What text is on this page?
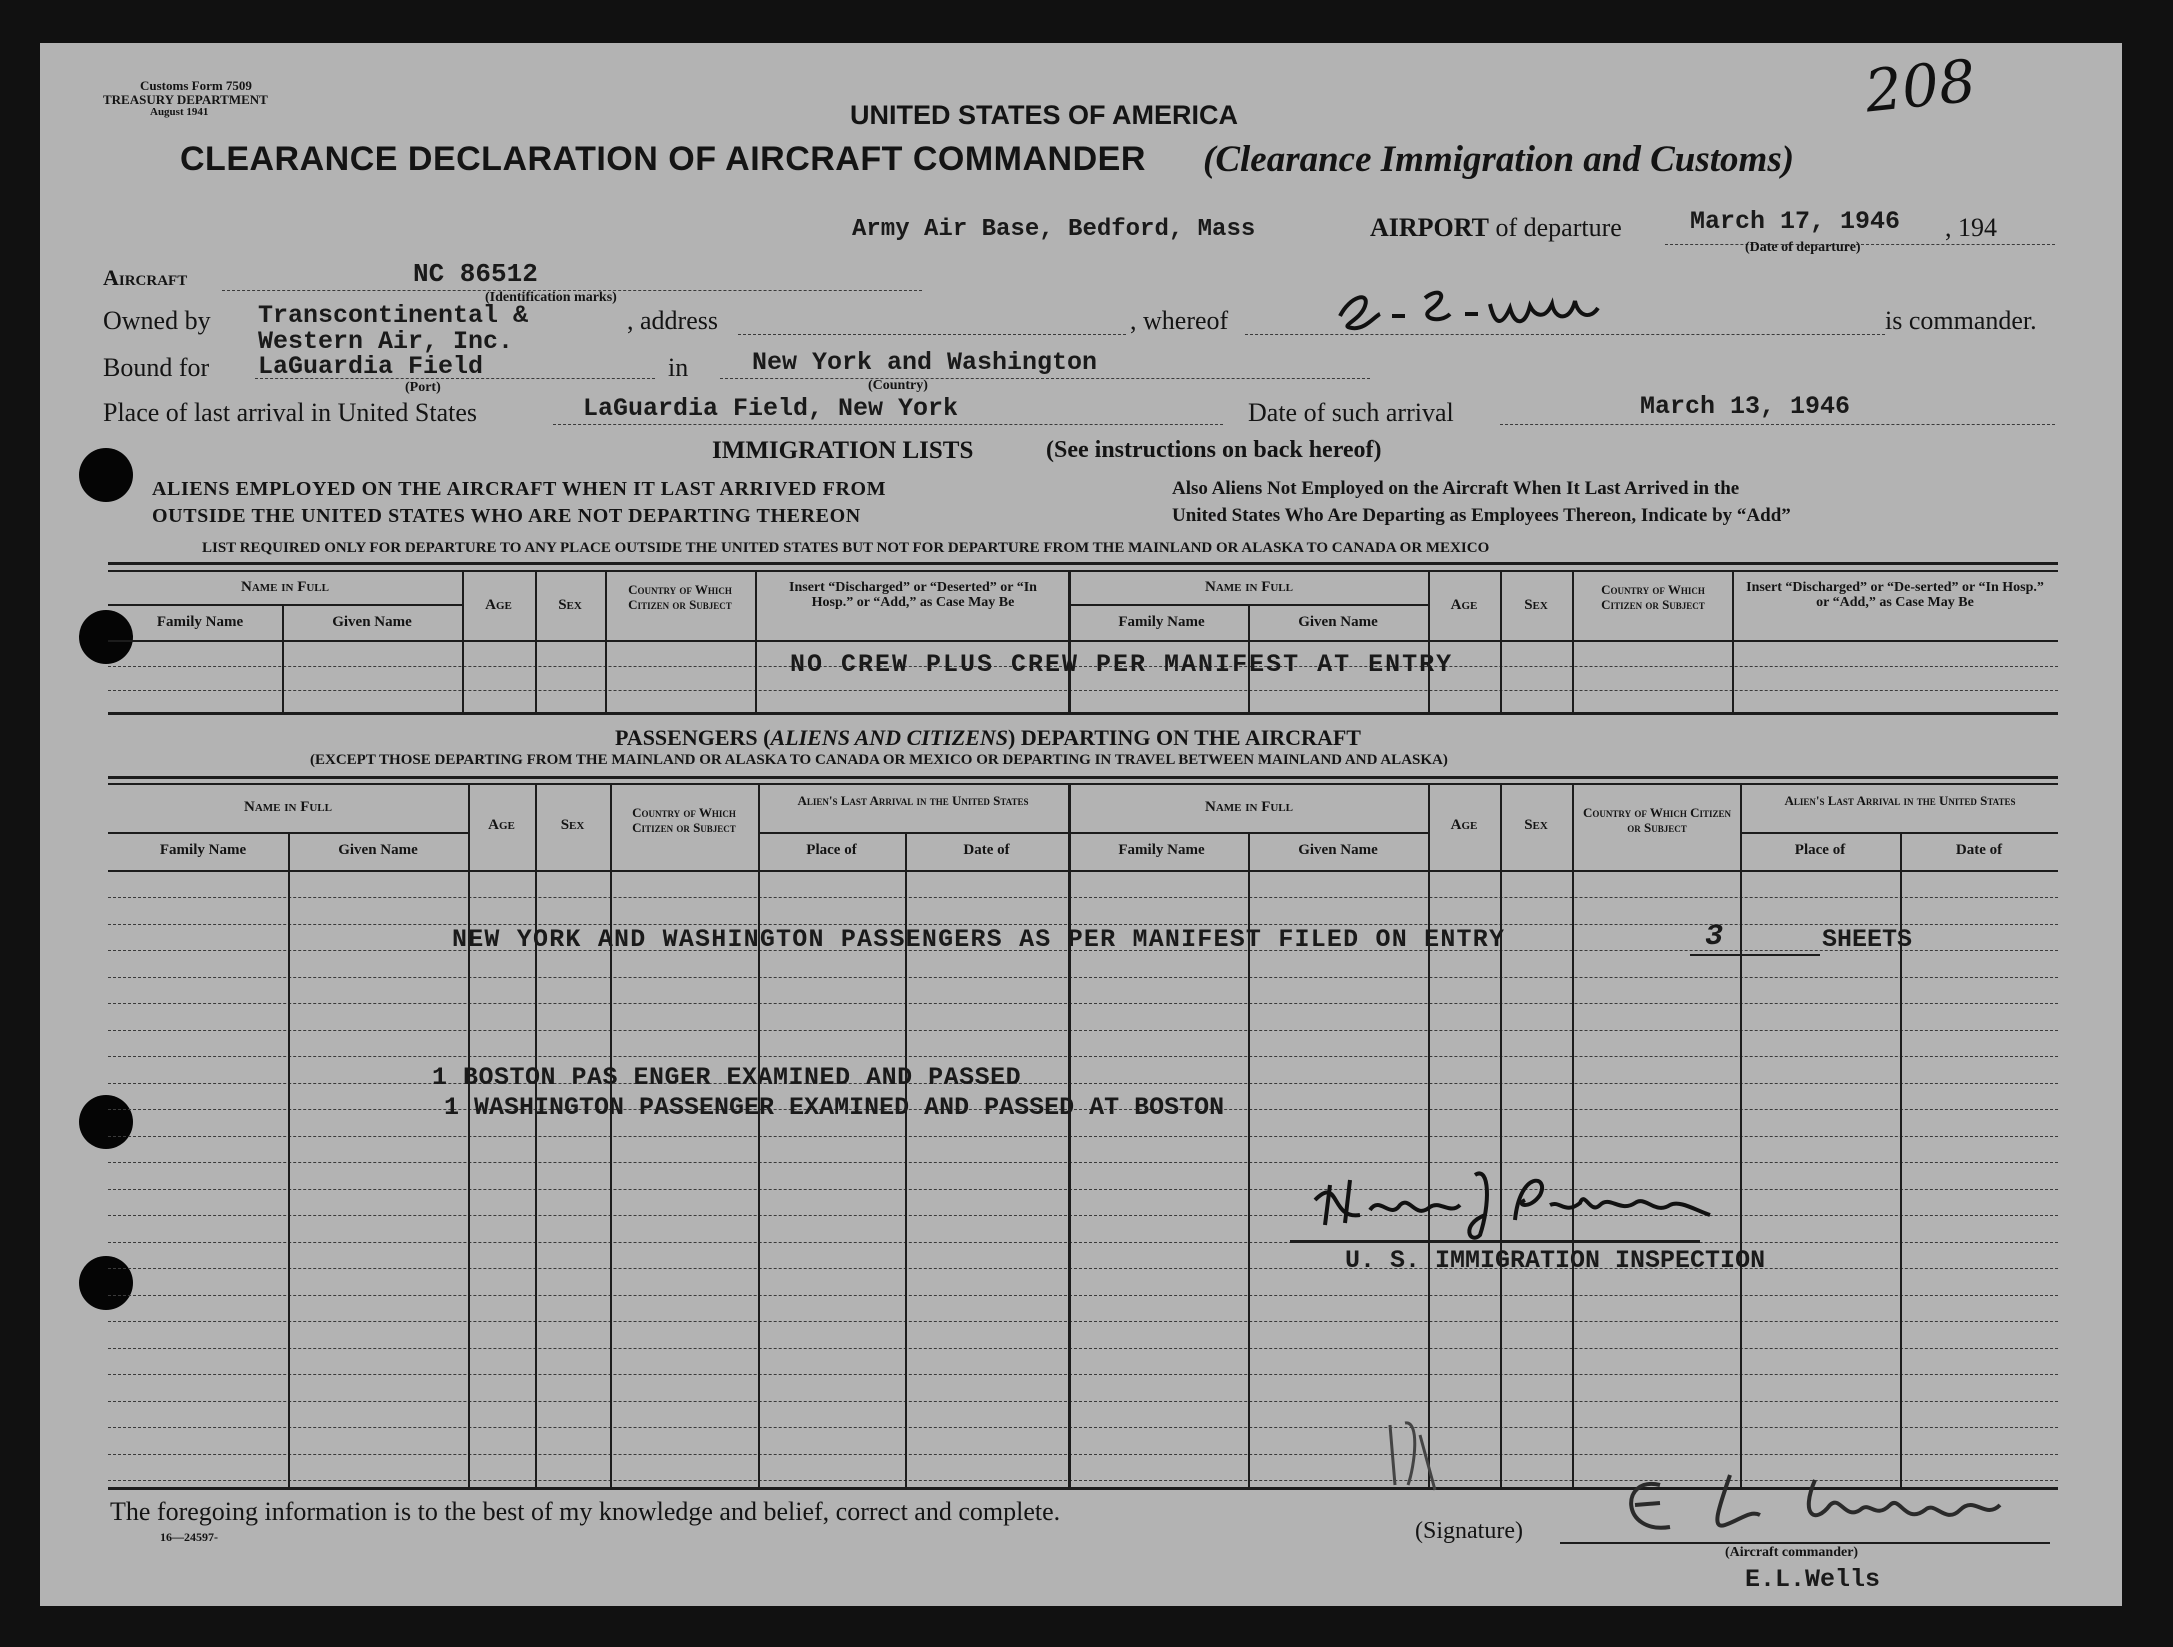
Customs Form 7509
TREASURY DEPARTMENT
August 1941	208
UNITED STATES OF AMERICA
CLEARANCE DECLARATION OF AIRCRAFT COMMANDER (Clearance Immigration and Customs)
Army Air Base, Bedford, Mass	AIRPORT of departure	March 17, 1946 , 194
(Date of departure)
Aircraft	NC 86512
(Identification marks)
Owned by Transcontinental &
Western Air, Inc.
, address	, whereof	is commander.
Bound for LaGuardia Field
(Port)
in	New York and Washington
(Country)
Place of last arrival in United States	LaGuardia Field, New York	Date of such arrival	March 13, 1946
IMMIGRATION LISTS	(See instructions on back hereof)
ALIENS EMPLOYED ON THE AIRCRAFT WHEN IT LAST ARRIVED FROM
OUTSIDE THE UNITED STATES WHO ARE NOT DEPARTING THEREON
Also Aliens Not Employed on the Aircraft When It Last Arrived in the
United States Who Are Departing as Employees Thereon, Indicate by “Add”
LIST REQUIRED ONLY FOR DEPARTURE TO ANY PLACE OUTSIDE THE UNITED STATES BUT NOT FOR DEPARTURE FROM THE MAINLAND OR ALASKA TO CANADA OR MEXICO
Name in Full
Family Name	Given Name
Age	Sex
Country of Which Citizen or Subject
Insert “Discharged” or “Deserted” or “In Hosp.” or “Add,” as Case May Be
Name in Full
Family Name	Given Name
Age	Sex
Country of Which Citizen or Subject
Insert “Discharged” or “De-serted” or “In Hosp.” or “Add,” as Case May Be
NO CREW PLUS CREW PER MANIFEST AT ENTRY
PASSENGERS (ALIENS AND CITIZENS) DEPARTING ON THE AIRCRAFT
(EXCEPT THOSE DEPARTING FROM THE MAINLAND OR ALASKA TO CANADA OR MEXICO OR DEPARTING IN TRAVEL BETWEEN MAINLAND AND ALASKA)
Name in Full
Family Name	Given Name
Age	Sex
Country of Which Citizen or Subject
Alien's Last Arrival in the United States
Place of	Date of
Name in Full
Family Name	Given Name
Age	Sex
Country of Which Citizen or Subject
Alien's Last Arrival in the United States
Place of	Date of
NEW YORK AND WASHINGTON PASSENGERS AS PER MANIFEST FILED ON ENTRY	3	SHEETS
1 BOSTON PAS ENGER EXAMINED AND PASSED
1 WASHINGTON PASSENGER EXAMINED AND PASSED AT BOSTON
U. S. IMMIGRATION INSPECTION
The foregoing information is to the best of my knowledge and belief, correct and complete.
16—24597-	(Signature)
(Aircraft commander)
E.L.Wells
